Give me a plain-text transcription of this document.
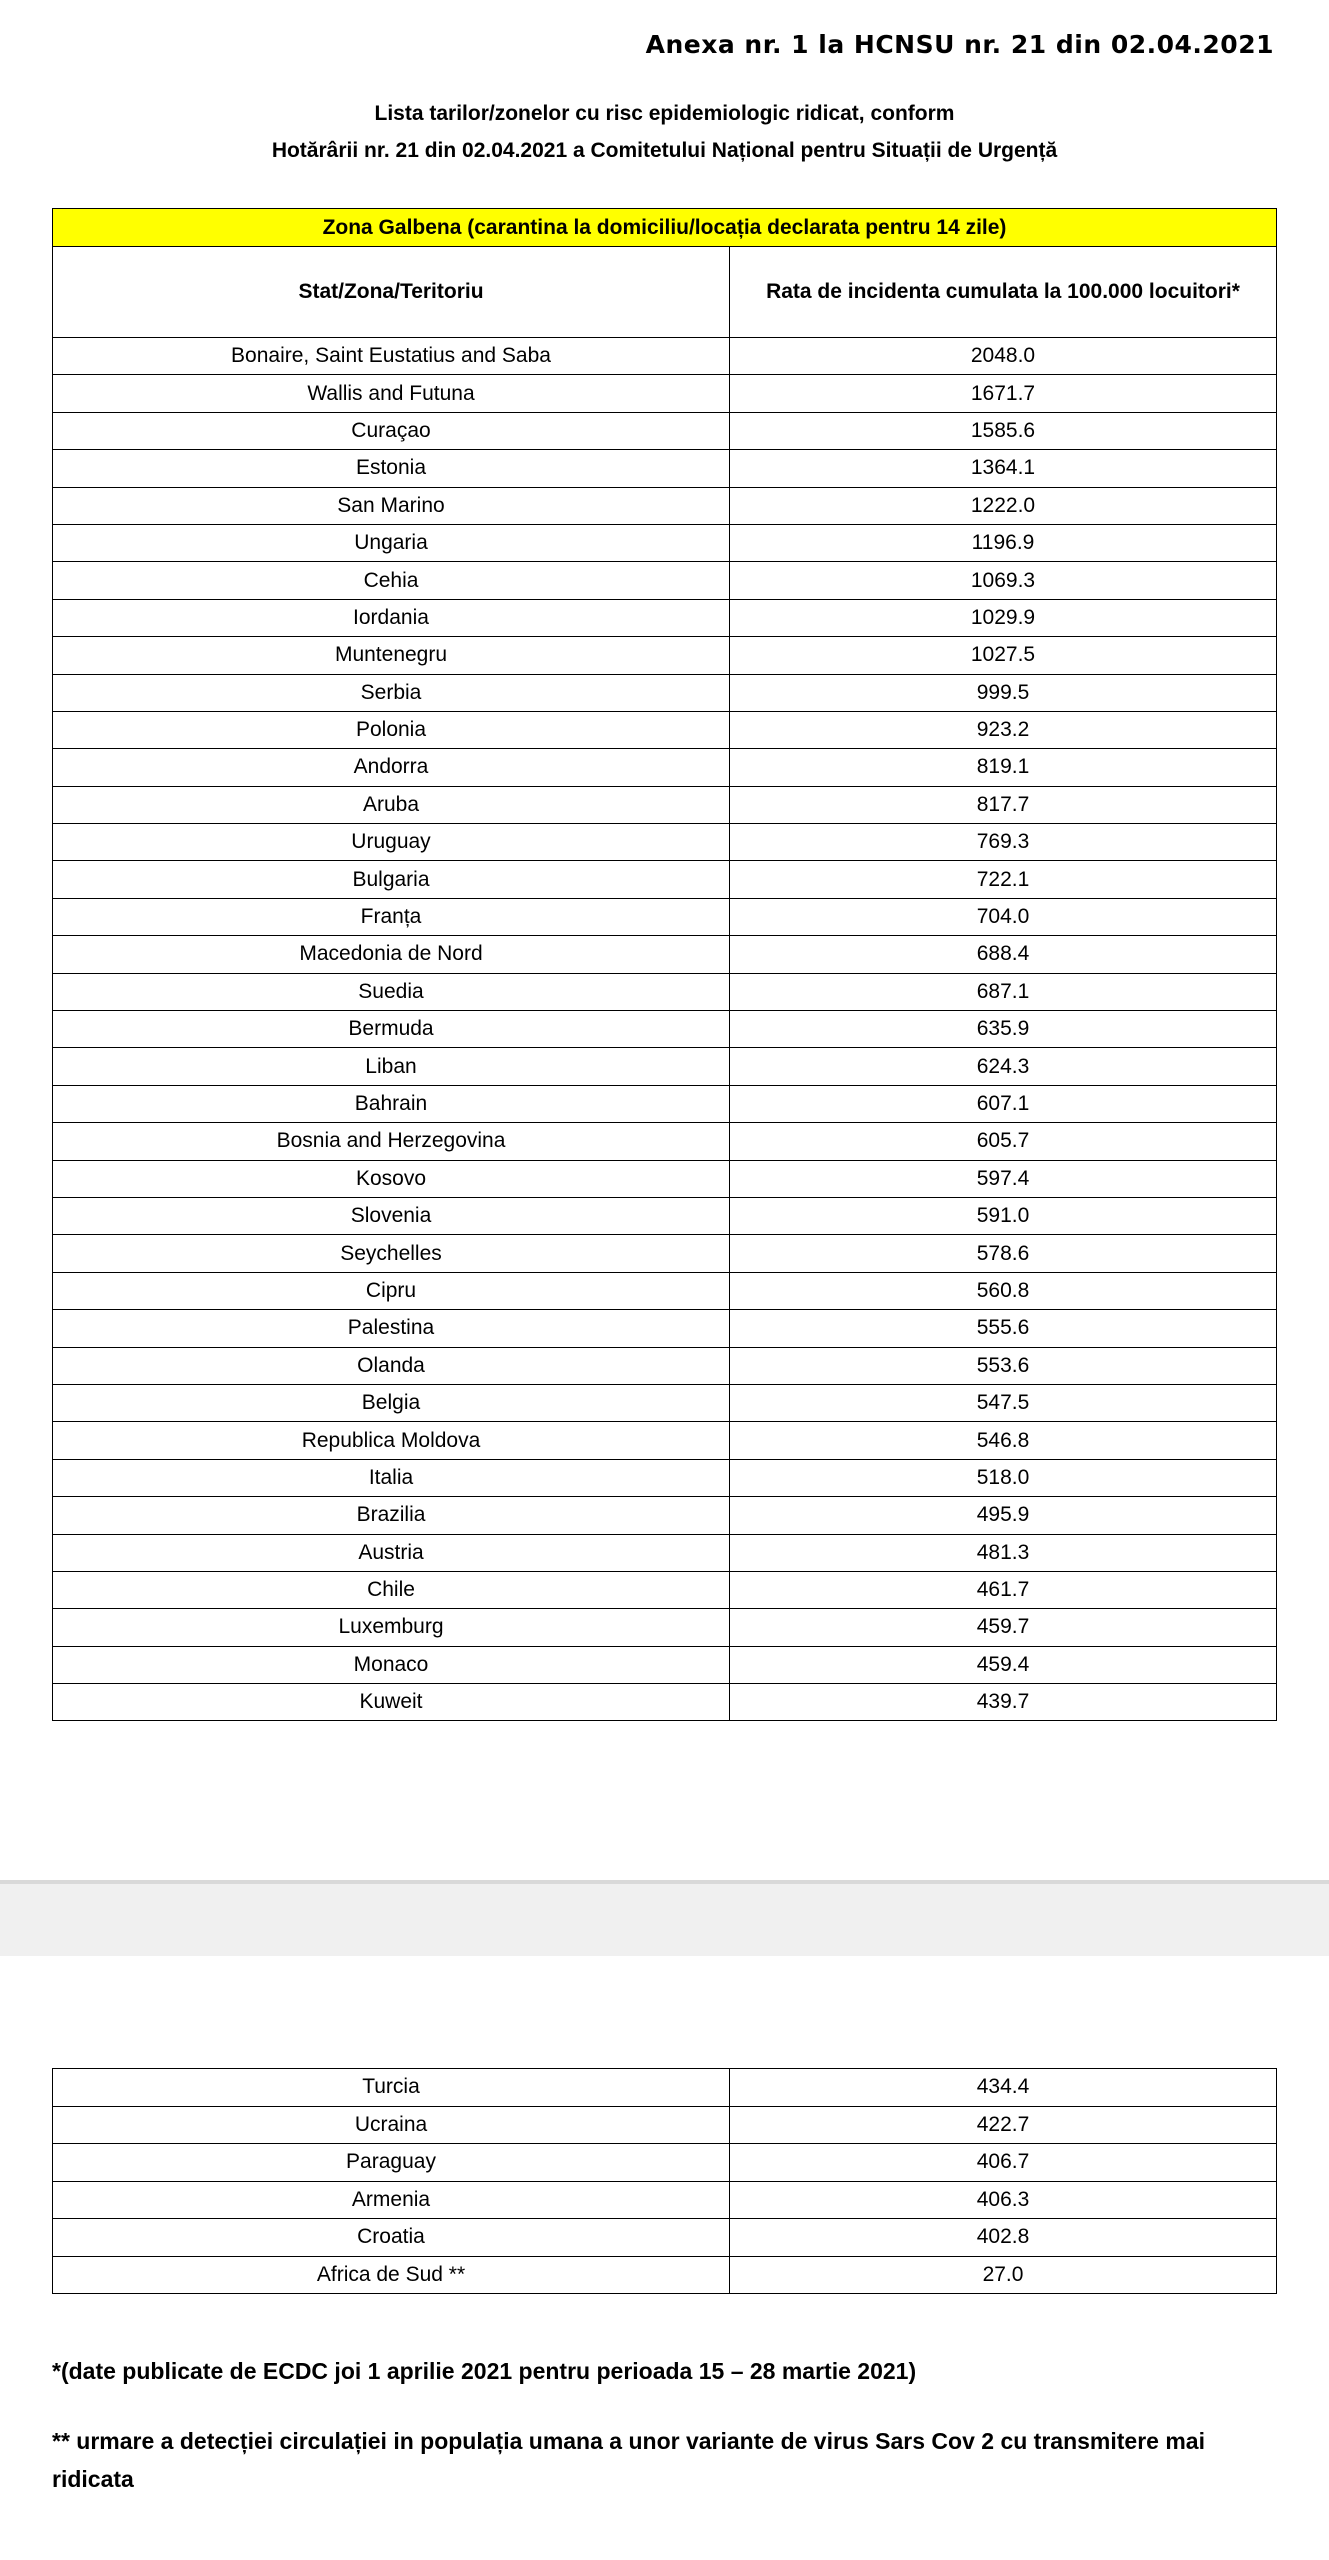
Anexa nr. 1 la HCNSU nr. 21 din 02.04.2021
Lista tarilor/zonelor cu risc epidemiologic ridicat, conform
Hotărârii nr. 21 din 02.04.2021 a Comitetului Național pentru Situații de Urgență
Zona Galbena (carantina la domiciliu/locația declarata pentru 14 zile)	
Stat/Zona/Teritoriu	Rata de incidenta cumulata la 100.000 locuitori*
Bonaire, Saint Eustatius and Saba	2048.0
Wallis and Futuna	1671.7
Curaçao	1585.6
Estonia	1364.1
San Marino	1222.0
Ungaria	1196.9
Cehia	1069.3
Iordania	1029.9
Muntenegru	1027.5
Serbia	999.5
Polonia	923.2
Andorra	819.1
Aruba	817.7
Uruguay	769.3
Bulgaria	722.1
Franța	704.0
Macedonia de Nord	688.4
Suedia	687.1
Bermuda	635.9
Liban	624.3
Bahrain	607.1
Bosnia and Herzegovina	605.7
Kosovo	597.4
Slovenia	591.0
Seychelles	578.6
Cipru	560.8
Palestina	555.6
Olanda	553.6
Belgia	547.5
Republica Moldova	546.8
Italia	518.0
Brazilia	495.9
Austria	481.3
Chile	461.7
Luxemburg	459.7
Monaco	459.4
Kuweit	439.7
Turcia	434.4
Ucraina	422.7
Paraguay	406.7
Armenia	406.3
Croatia	402.8
Africa de Sud **	27.0
*(date publicate de ECDC joi 1 aprilie 2021 pentru perioada 15 – 28 martie 2021)
** urmare a detecției circulației in populația umana a unor variante de virus Sars Cov 2 cu transmitere mai ridicata
